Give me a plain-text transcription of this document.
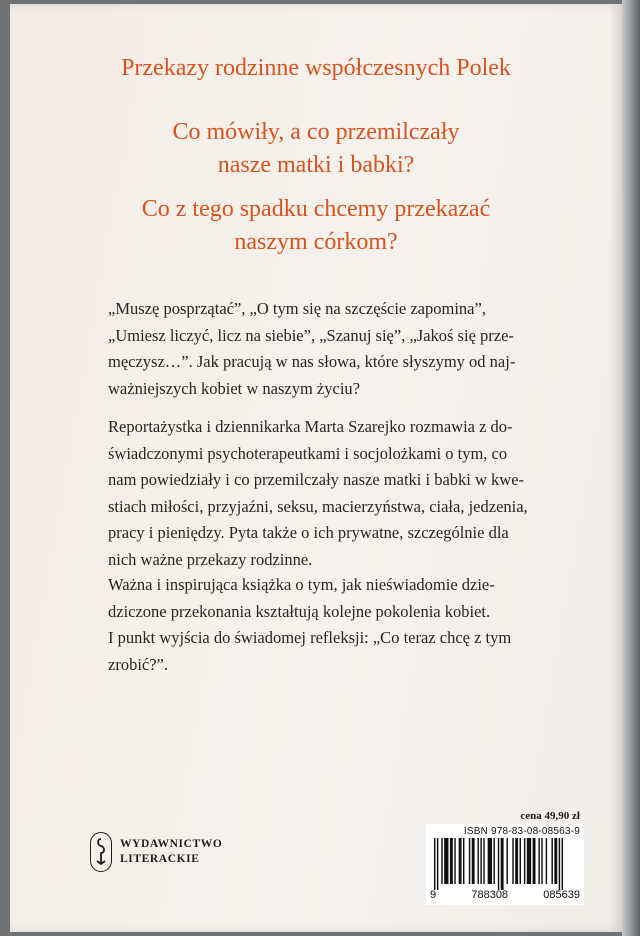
Przekazy rodzinne współczesnych Polek
Co mówiły, a co przemilczały
nasze matki i babki?
Co z tego spadku chcemy przekazać
naszym córkom?
„Muszę posprzątać”, „O tym się na szczęście zapomina”,
„Umiesz liczyć, licz na siebie”, „Szanuj się”, „Jakoś się prze-
męczysz…”. Jak pracują w nas słowa, które słyszymy od naj-
ważniejszych kobiet w naszym życiu?
Reportażystka i dziennikarka Marta Szarejko rozmawia z do-
świadczonymi psychoterapeutkami i socjolożkami o tym, co
nam powiedziały i co przemilczały nasze matki i babki w kwe-
stiach miłości, przyjaźni, seksu, macierzyństwa, ciała, jedzenia,
pracy i pieniędzy. Pyta także o ich prywatne, szczególnie dla
nich ważne przekazy rodzinne.
Ważna i inspirująca książka o tym, jak nieświadomie dzie-
dziczone przekonania kształtują kolejne pokolenia kobiet.
I punkt wyjścia do świadomej refleksji: „Co teraz chcę z tym
zrobić?”.
WYDAWNICTWO
LITERACKIE
cena 49,90 zł
ISBN 978-83-08-08563-9
9	788308	085639
